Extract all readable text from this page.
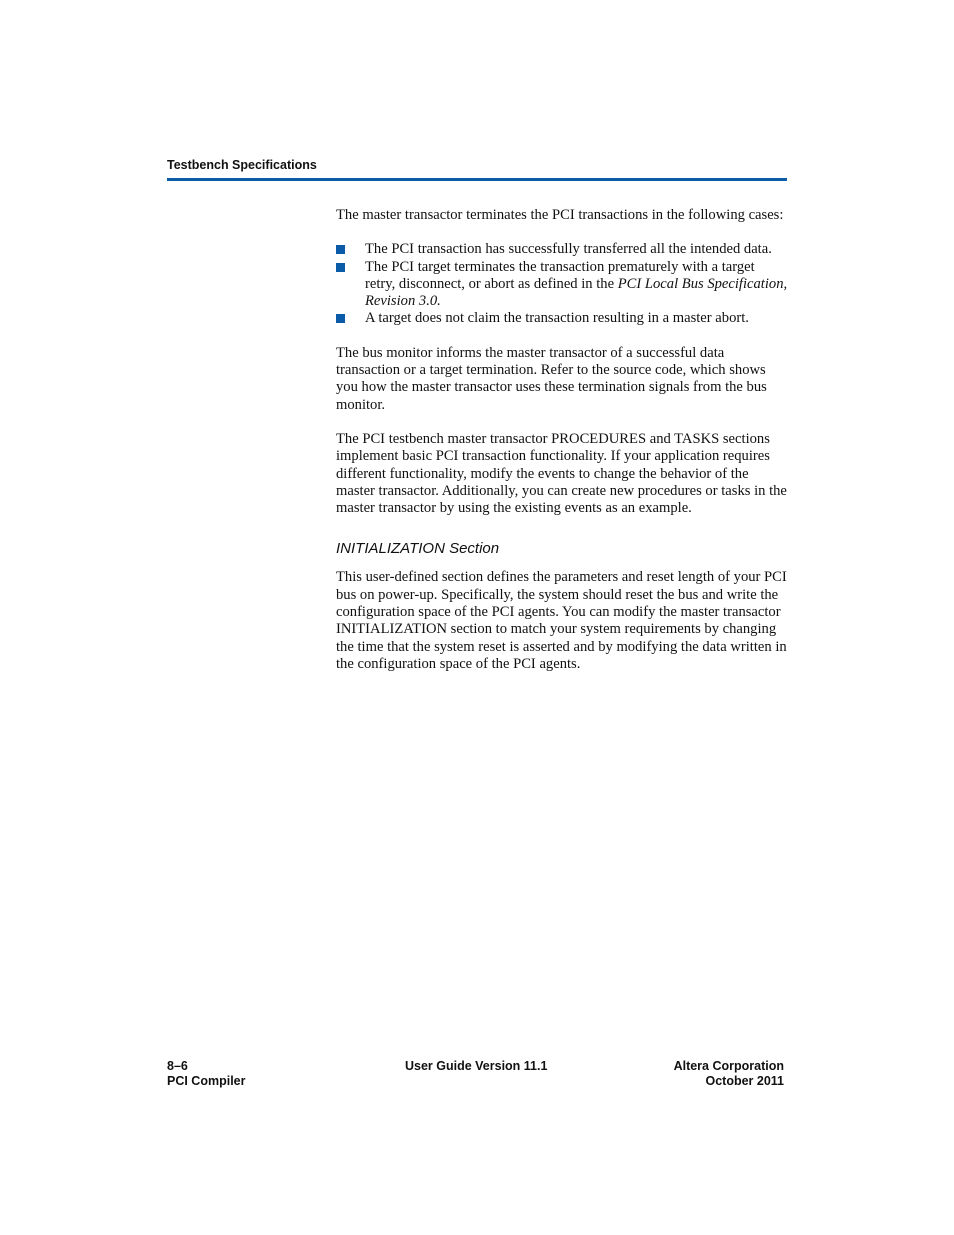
Testbench Specifications

The master transactor terminates the PCI transactions in the following cases:

The PCI transaction has successfully transferred all the intended data.
The PCI target terminates the transaction prematurely with a target retry, disconnect, or abort as defined in the PCI Local Bus Specification, Revision 3.0.
A target does not claim the transaction resulting in a master abort.

The bus monitor informs the master transactor of a successful data transaction or a target termination. Refer to the source code, which shows you how the master transactor uses these termination signals from the bus monitor.

The PCI testbench master transactor PROCEDURES and TASKS sections implement basic PCI transaction functionality. If your application requires different functionality, modify the events to change the behavior of the master transactor. Additionally, you can create new procedures or tasks in the master transactor by using the existing events as an example.

INITIALIZATION Section

This user-defined section defines the parameters and reset length of your PCI bus on power-up. Specifically, the system should reset the bus and write the configuration space of the PCI agents. You can modify the master transactor INITIALIZATION section to match your system requirements by changing the time that the system reset is asserted and by modifying the data written in the configuration space of the PCI agents.

8–6
PCI Compiler
User Guide Version 11.1	Altera Corporation
October 2011
